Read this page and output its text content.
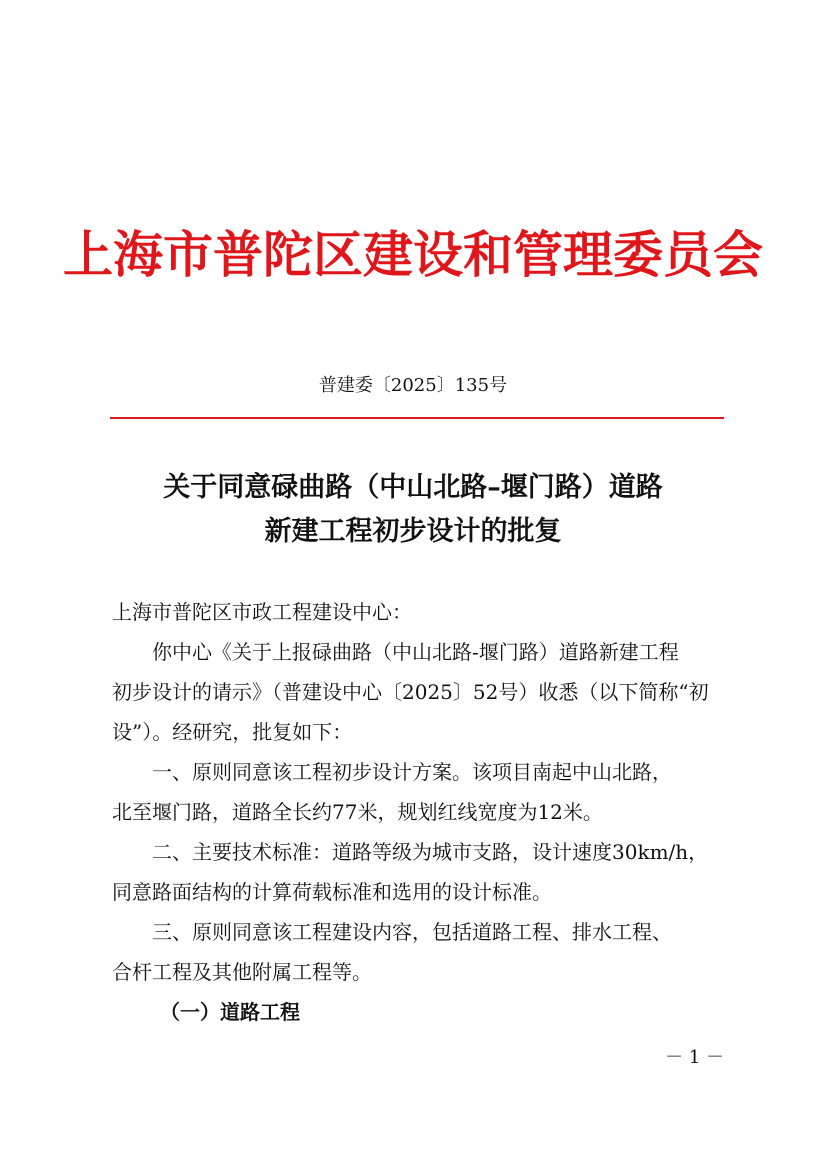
上海市普陀区建设和管理委员会
普建委〔2025〕135号
关于同意碌曲路（中山北路–堰门路）道路
新建工程初步设计的批复
上海市普陀区市政工程建设中心：
你中心《关于上报碌曲路（中山北路-堰门路）道路新建工程
初步设计的请示》（普建设中心〔2025〕52号）收悉（以下简称“初
设”）。经研究，批复如下：
一、原则同意该工程初步设计方案。该项目南起中山北路，
北至堰门路，道路全长约77米，规划红线宽度为12米。
二、主要技术标准：道路等级为城市支路，设计速度30km/h，
同意路面结构的计算荷载标准和选用的设计标准。
三、原则同意该工程建设内容，包括道路工程、排水工程、
合杆工程及其他附属工程等。
（一）道路工程
－ 1 －
